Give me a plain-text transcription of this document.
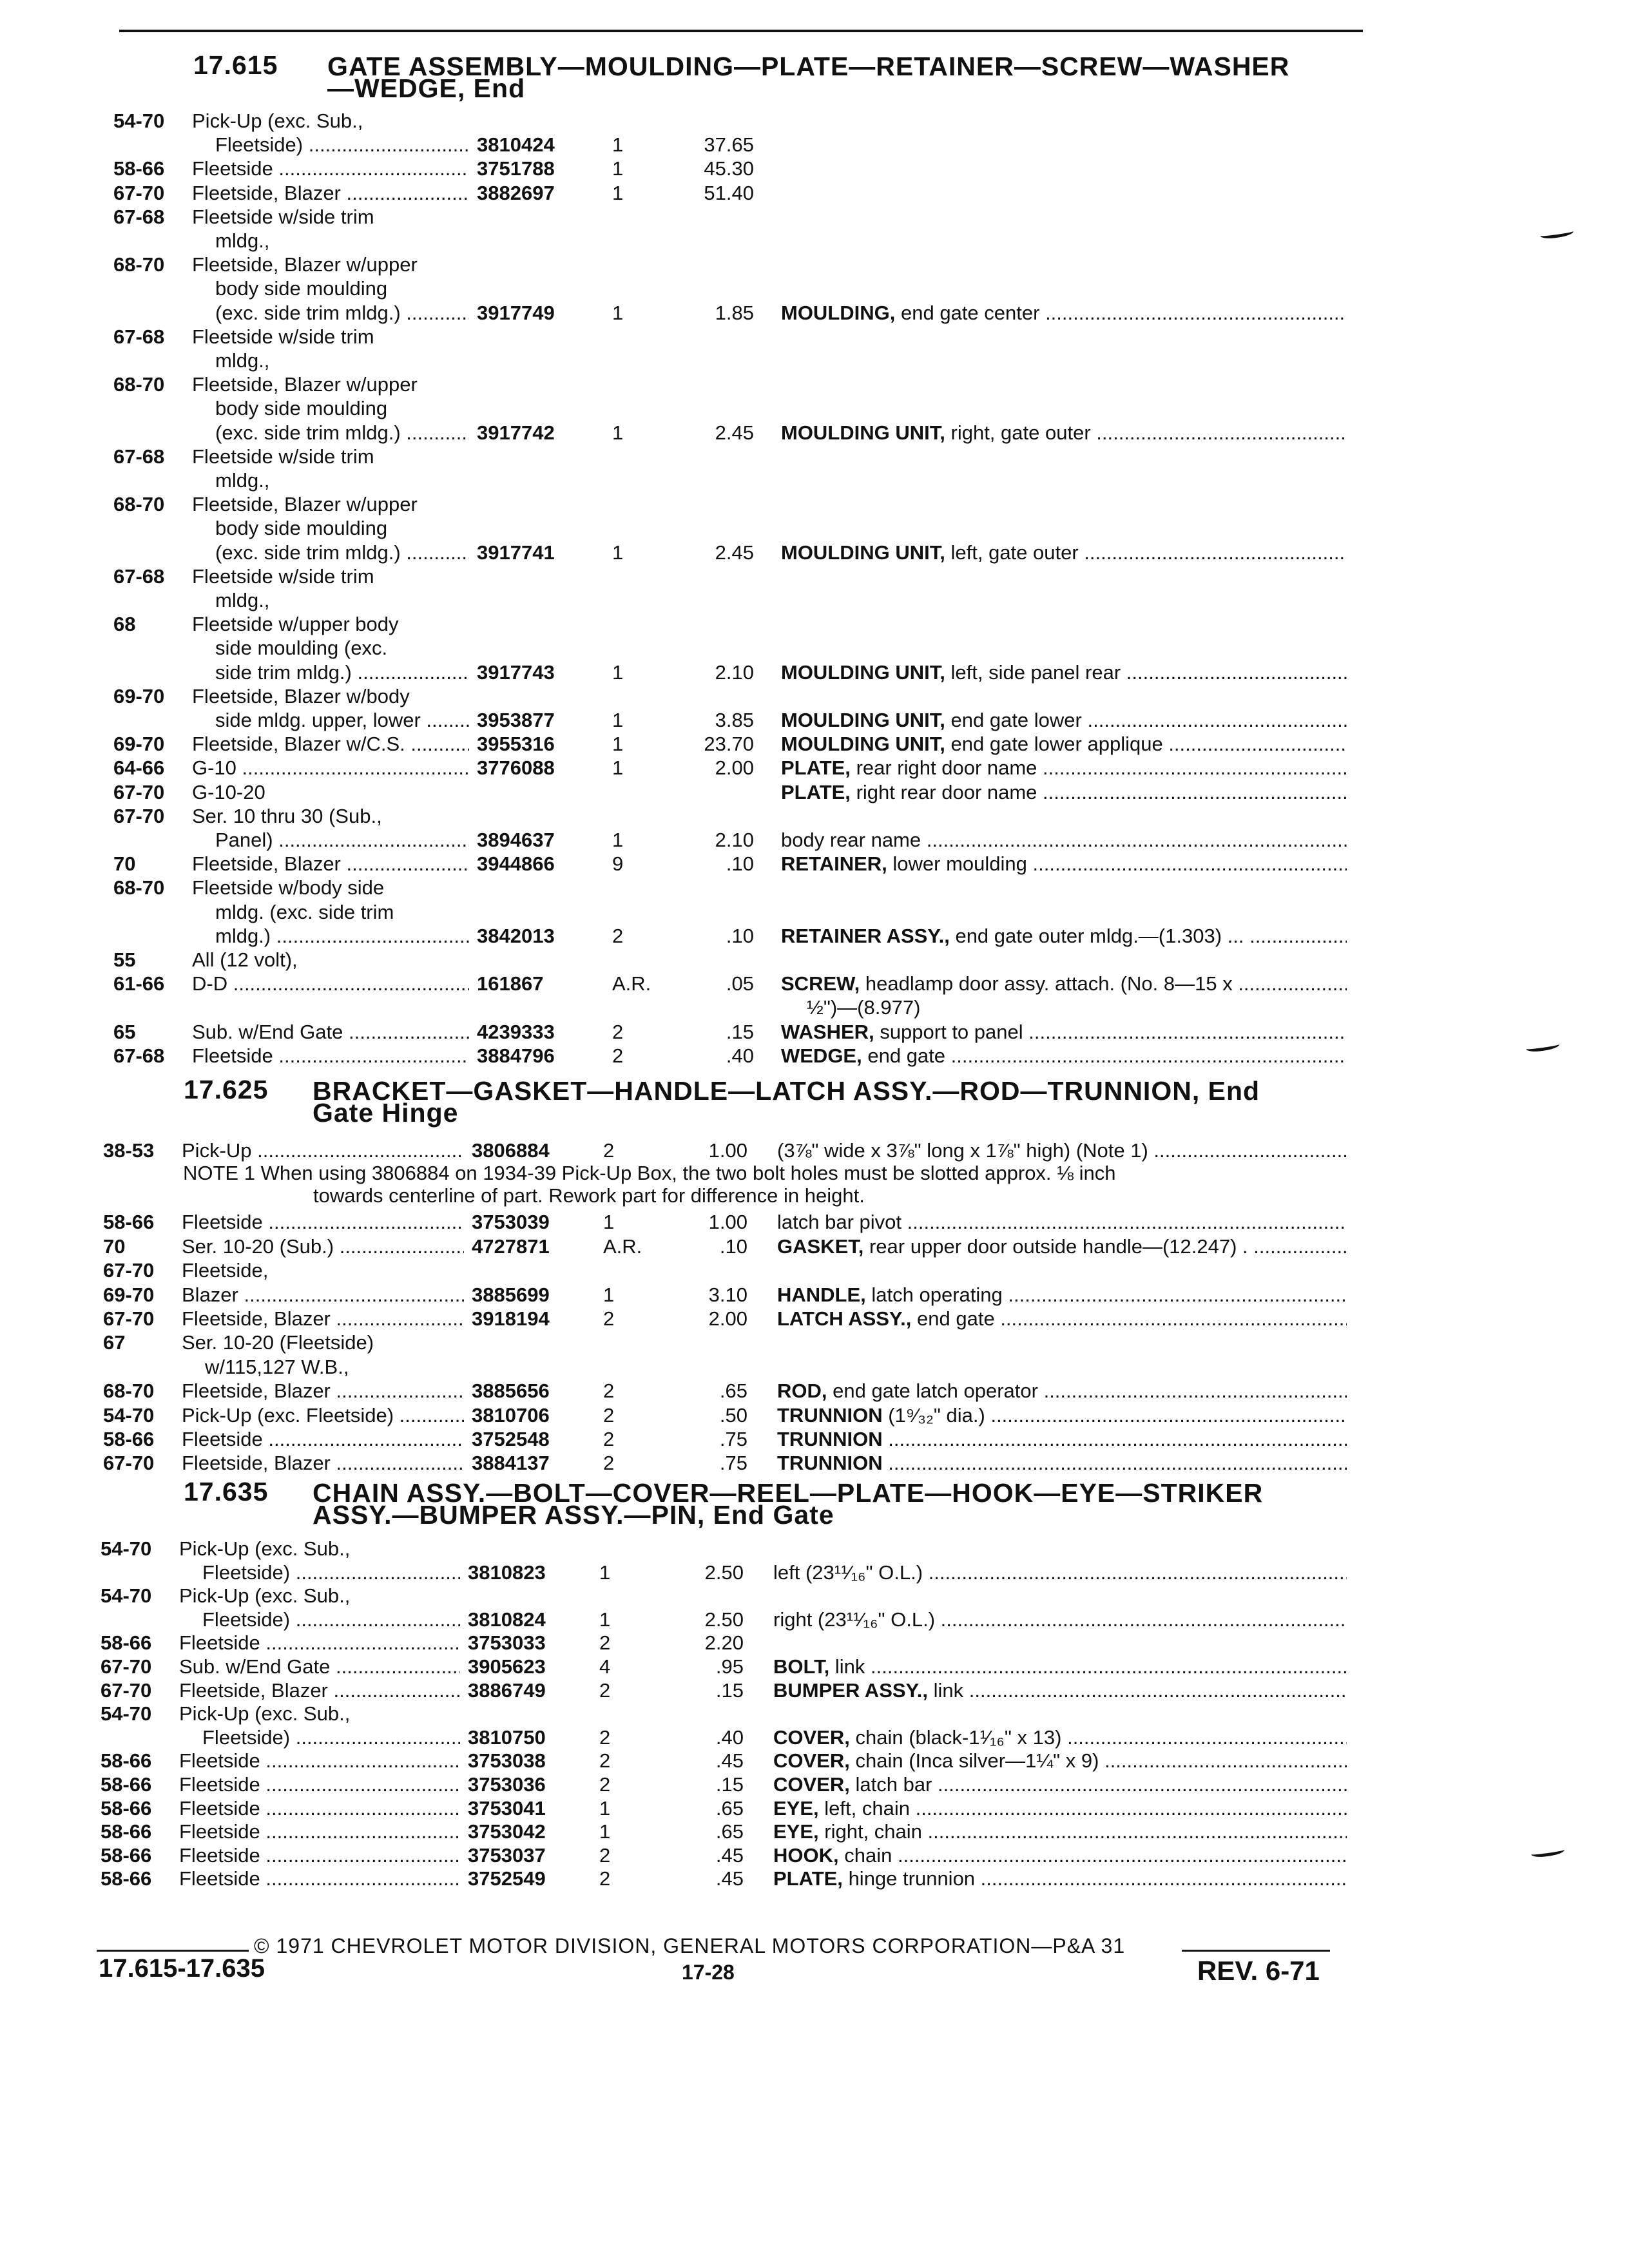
17.615 GATE ASSEMBLY—MOULDING—PLATE—RETAINER—SCREW—WASHER
—WEDGE, End
54-70 Pick-Up (exc. Sub.,
Fleetside) .....	3810424	1	37.65
58-66 Fleetside .....	3751788	1	45.30
67-70 Fleetside, Blazer .....	3882697	1	51.40
67-68 Fleetside w/side trim
mldg.,
68-70 Fleetside, Blazer w/upper
body side moulding
(exc. side trim mldg.) .....	3917749	1	1.85 MOULDING, end gate center .....
67-68 Fleetside w/side trim
mldg.,
68-70 Fleetside, Blazer w/upper
body side moulding
(exc. side trim mldg.) .....	3917742	1	2.45 MOULDING UNIT, right, gate outer .....
67-68 Fleetside w/side trim
mldg.,
68-70 Fleetside, Blazer w/upper
body side moulding
(exc. side trim mldg.) .....	3917741	1	2.45 MOULDING UNIT, left, gate outer .....
67-68 Fleetside w/side trim
mldg.,
68	Fleetside w/upper body
side moulding (exc.
side trim mldg.) .....	3917743	1	2.10 MOULDING UNIT, left, side panel rear .....
69-70 Fleetside, Blazer w/body
side mldg. upper, lower .....	3953877	1	3.85 MOULDING UNIT, end gate lower .....
69-70 Fleetside, Blazer w/C.S. .....	3955316	1	23.70 MOULDING UNIT, end gate lower applique .....
64-66 G-10 .....	3776088	1	2.00 PLATE, rear right door name .....
67-70 G-10-20	PLATE, right rear door name .....
67-70 Ser. 10 thru 30 (Sub.,
Panel) .....	3894637	1	2.10 body rear name .....
70	Fleetside, Blazer .....	3944866	9	.10 RETAINER, lower moulding .....
68-70 Fleetside w/body side
mldg. (exc. side trim
mldg.) .....	3842013	2	.10 RETAINER ASSY., end gate outer mldg.—(1.303) ... .....
55	All (12 volt),
61-66 D-D .....	161867	A.R.	.05 SCREW, headlamp door assy. attach. (No. 8—15 x .....
½")—(8.977)
65	Sub. w/End Gate .....	4239333	2	.15 WASHER, support to panel .....
67-68 Fleetside .....	3884796	2	.40 WEDGE, end gate .....
17.625 BRACKET—GASKET—HANDLE—LATCH ASSY.—ROD—TRUNNION, End
Gate Hinge
38-53 Pick-Up .....	3806884	2	1.00 (3⅞" wide x 3⅞" long x 1⅞" high) (Note 1) .....
58-66 Fleetside .....	3753039	1	1.00 latch bar pivot .....
70	Ser. 10-20 (Sub.) .....	4727871	A.R.	.10 GASKET, rear upper door outside handle—(12.247) . .....
67-70 Fleetside,
69-70 Blazer .....	3885699	1	3.10 HANDLE, latch operating .....
67-70 Fleetside, Blazer .....	3918194	2	2.00 LATCH ASSY., end gate .....
67	Ser. 10-20 (Fleetside)
w/115,127 W.B.,
68-70 Fleetside, Blazer .....	3885656	2	.65 ROD, end gate latch operator .....
54-70 Pick-Up (exc. Fleetside) .....	3810706	2	.50 TRUNNION (1⁹⁄₃₂" dia.) .....
58-66 Fleetside .....	3752548	2	.75 TRUNNION .....
67-70 Fleetside, Blazer .....	3884137	2	.75 TRUNNION .....
NOTE 1 When using 3806884 on 1934-39 Pick-Up Box, the two bolt holes must be slotted approx. ⅛ inch
towards centerline of part. Rework part for difference in height.
17.635 CHAIN ASSY.—BOLT—COVER—REEL—PLATE—HOOK—EYE—STRIKER
ASSY.—BUMPER ASSY.—PIN, End Gate
54-70 Pick-Up (exc. Sub.,
Fleetside) .....	3810823	1	2.50 left (23¹¹⁄₁₆" O.L.) .....
54-70 Pick-Up (exc. Sub.,
Fleetside) .....	3810824	1	2.50 right (23¹¹⁄₁₆" O.L.) .....
58-66 Fleetside .....	3753033	2	2.20
67-70 Sub. w/End Gate .....	3905623	4	.95 BOLT, link .....
67-70 Fleetside, Blazer .....	3886749	2	.15 BUMPER ASSY., link .....
54-70 Pick-Up (exc. Sub.,
Fleetside) .....	3810750	2	.40 COVER, chain (black-1¹⁄₁₆" x 13) .....
58-66 Fleetside .....	3753038	2	.45 COVER, chain (Inca silver—1¼" x 9) .....
58-66 Fleetside .....	3753036	2	.15 COVER, latch bar .....
58-66 Fleetside .....	3753041	1	.65 EYE, left, chain .....
58-66 Fleetside .....	3753042	1	.65 EYE, right, chain .....
58-66 Fleetside .....	3753037	2	.45 HOOK, chain .....
58-66 Fleetside .....	3752549	2	.45 PLATE, hinge trunnion .....
© 1971 CHEVROLET MOTOR DIVISION, GENERAL MOTORS CORPORATION—P&A 31
17.615-17.635	17-28	REV. 6-71
